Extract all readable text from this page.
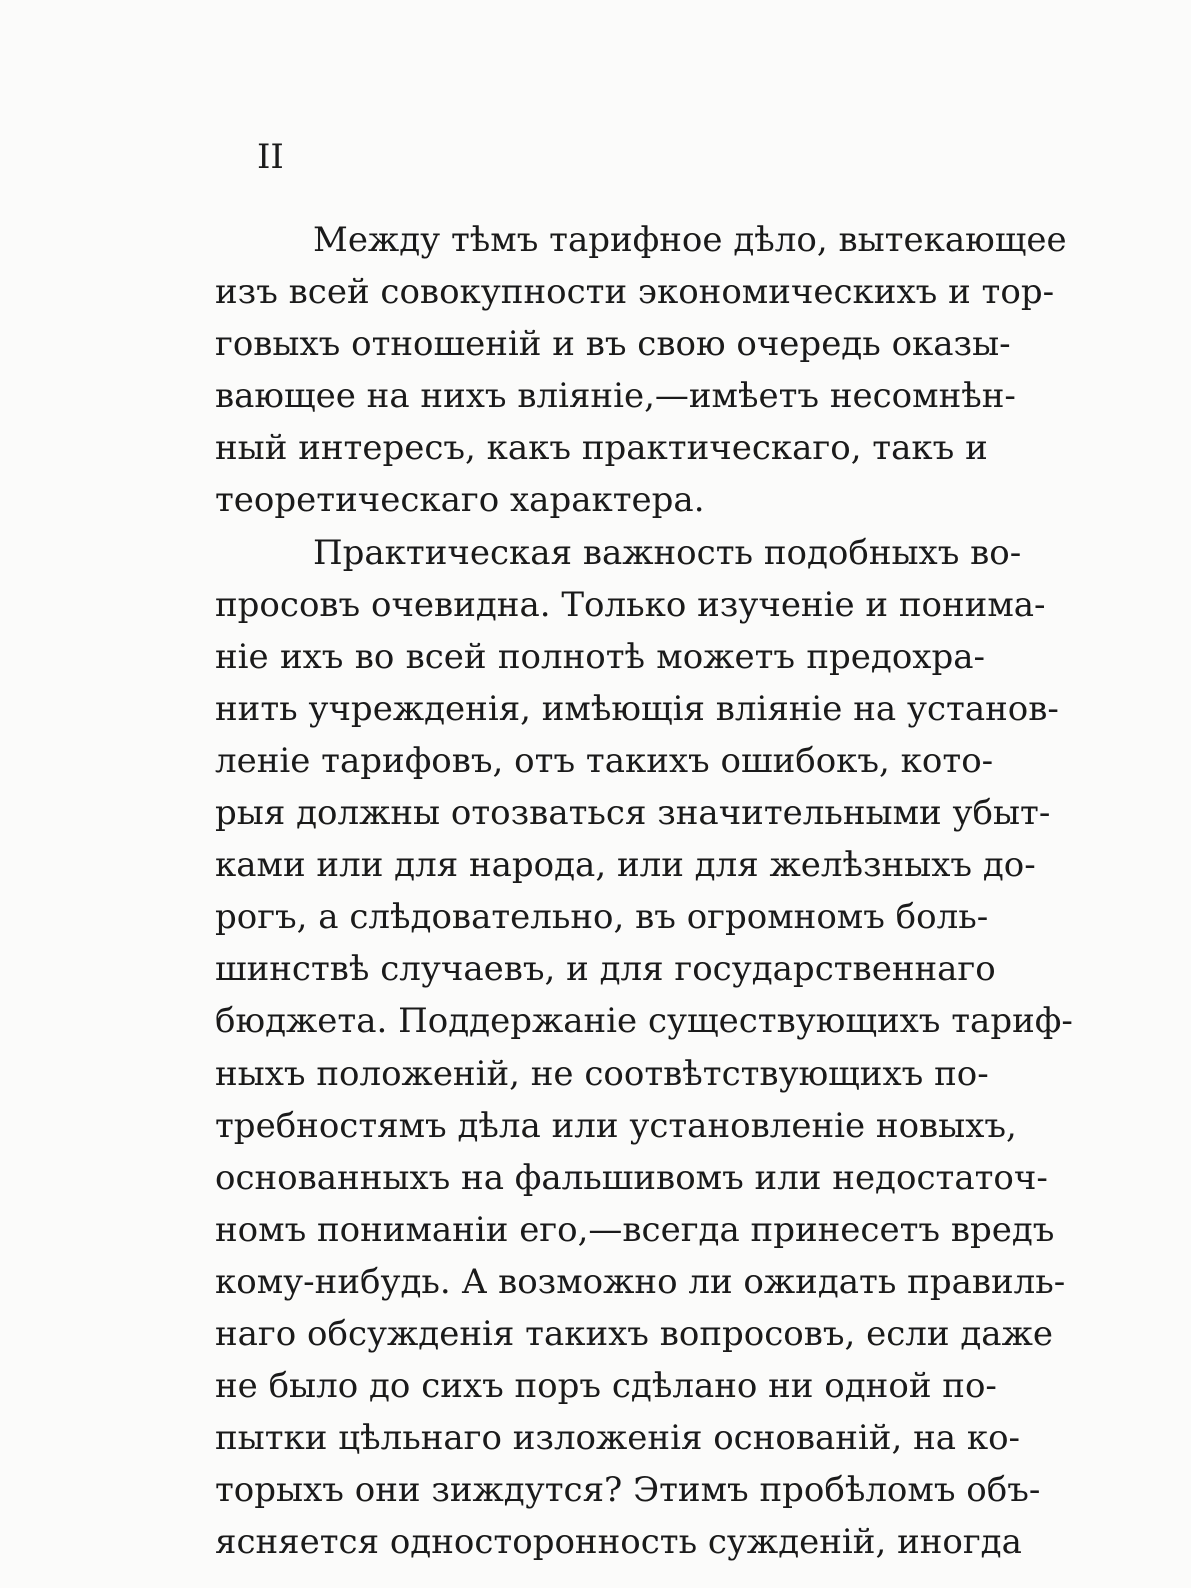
II
Между тѣмъ тарифное дѣло, вытекающее
изъ всей совокупности экономическихъ и тор-
говыхъ отношенiй и въ свою очередь оказы-
вающее на нихъ влiянiе,—имѣетъ несомнѣн-
ный интересъ, какъ практическаго, такъ и
теоретическаго характера.
Практическая важность подобныхъ во-
просовъ очевидна. Только изученiе и понима-
нiе ихъ во всей полнотѣ можетъ предохра-
нить учрежденiя, имѣющiя влiянiе на установ-
ленiе тарифовъ, отъ такихъ ошибокъ, кото-
рыя должны отозваться значительными убыт-
ками или для народа, или для желѣзныхъ до-
рогъ, а слѣдовательно, въ огромномъ боль-
шинствѣ случаевъ, и для государственнаго
бюджета. Поддержанiе существующихъ тариф-
ныхъ положенiй, не соотвѣтствующихъ по-
требностямъ дѣла или установленiе новыхъ,
основанныхъ на фальшивомъ или недостаточ-
номъ пониманiи его,—всегда принесетъ вредъ
кому-нибудь. А возможно ли ожидать правиль-
наго обсужденiя такихъ вопросовъ, если даже
не было до сихъ поръ сдѣлано ни одной по-
пытки цѣльнаго изложенiя основанiй, на ко-
торыхъ они зиждутся? Этимъ пробѣломъ объ-
ясняется односторонность сужденiй, иногда
